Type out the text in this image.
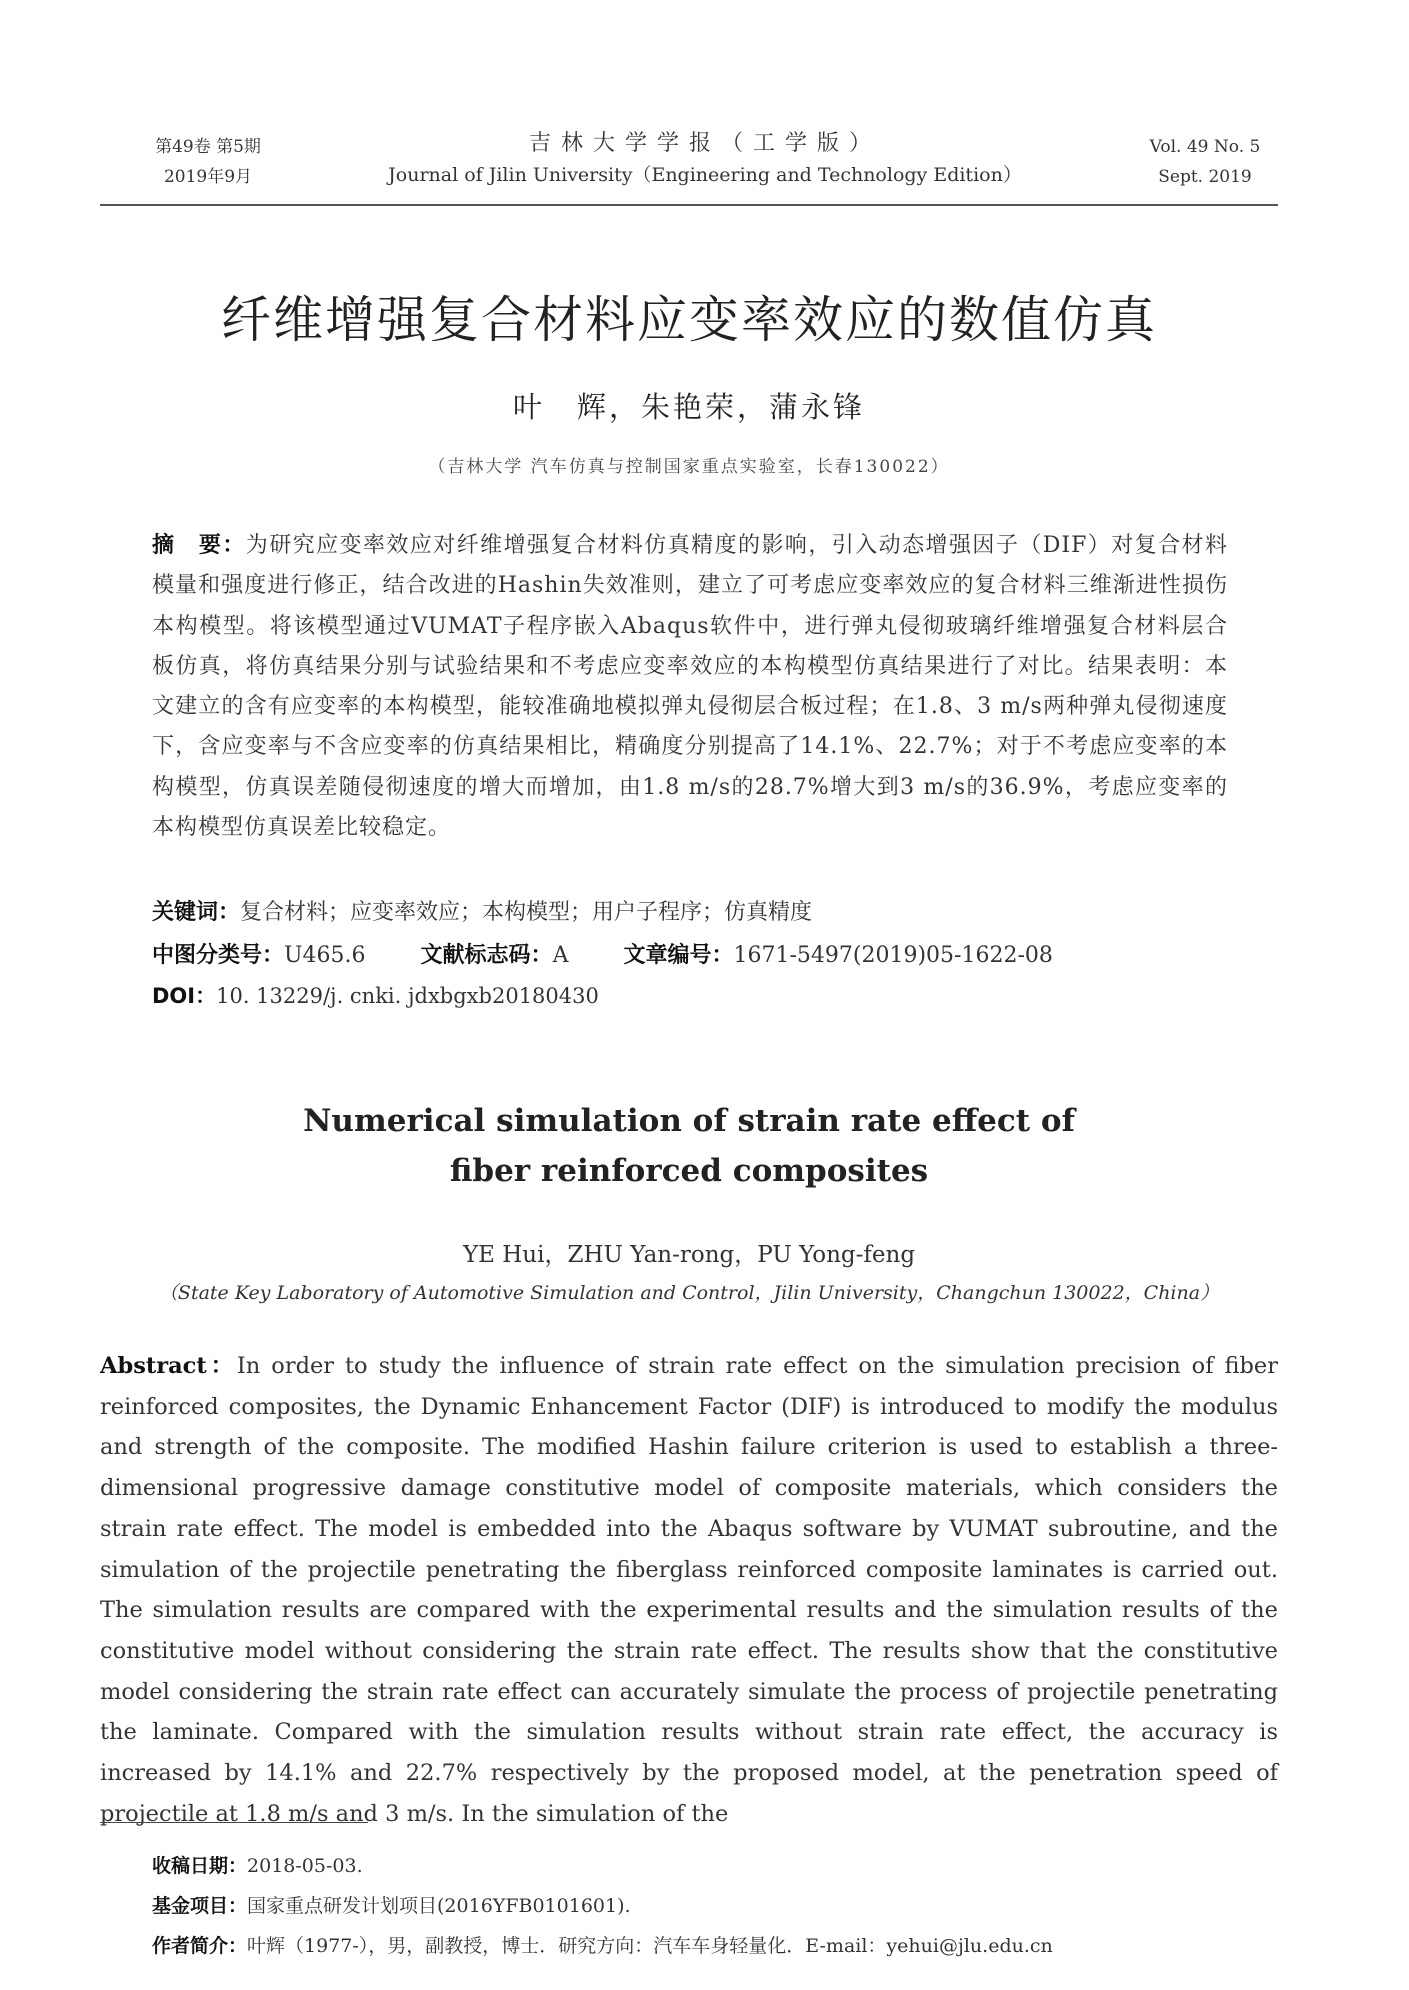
第49卷 第5期
2019年9月
吉林大学学报（工学版）
Journal of Jilin University（Engineering and Technology Edition）
Vol. 49 No. 5
Sept. 2019
纤维增强复合材料应变率效应的数值仿真
叶　辉，朱艳荣，蒲永锋
（吉林大学 汽车仿真与控制国家重点实验室，长春130022）
摘　要：为研究应变率效应对纤维增强复合材料仿真精度的影响，引入动态增强因子（DIF）对复合材料模量和强度进行修正，结合改进的Hashin失效准则，建立了可考虑应变率效应的复合材料三维渐进性损伤本构模型。将该模型通过VUMAT子程序嵌入Abaqus软件中，进行弹丸侵彻玻璃纤维增强复合材料层合板仿真，将仿真结果分别与试验结果和不考虑应变率效应的本构模型仿真结果进行了对比。结果表明：本文建立的含有应变率的本构模型，能较准确地模拟弹丸侵彻层合板过程；在1.8、3 m/s两种弹丸侵彻速度下，含应变率与不含应变率的仿真结果相比，精确度分别提高了14.1%、22.7%；对于不考虑应变率的本构模型，仿真误差随侵彻速度的增大而增加，由1.8 m/s的28.7%增大到3 m/s的36.9%，考虑应变率的本构模型仿真误差比较稳定。
关键词：复合材料；应变率效应；本构模型；用户子程序；仿真精度
中图分类号：U465.6	文献标志码：A	文章编号：1671-5497(2019)05-1622-08
DOI：10. 13229/j. cnki. jdxbgxb20180430
Numerical simulation of strain rate effect of
fiber reinforced composites
YE Hui，ZHU Yan-rong，PU Yong-feng
（State Key Laboratory of Automotive Simulation and Control，Jilin University，Changchun 130022，China）
Abstract：In order to study the influence of strain rate effect on the simulation precision of fiber reinforced composites, the Dynamic Enhancement Factor (DIF) is introduced to modify the modulus and strength of the composite. The modified Hashin failure criterion is used to establish a three-dimensional progressive damage constitutive model of composite materials, which considers the strain rate effect. The model is embedded into the Abaqus software by VUMAT subroutine, and the simulation of the projectile penetrating the fiberglass reinforced composite laminates is carried out. The simulation results are compared with the experimental results and the simulation results of the constitutive model without considering the strain rate effect. The results show that the constitutive model considering the strain rate effect can accurately simulate the process of projectile penetrating the laminate. Compared with the simulation results without strain rate effect, the accuracy is increased by 14.1% and 22.7% respectively by the proposed model, at the penetration speed of projectile at 1.8 m/s and 3 m/s. In the simulation of the
收稿日期：2018-05-03.
基金项目：国家重点研发计划项目(2016YFB0101601).
作者简介：叶辉（1977-），男，副教授，博士．研究方向：汽车车身轻量化．E-mail：yehui@jlu.edu.cn
